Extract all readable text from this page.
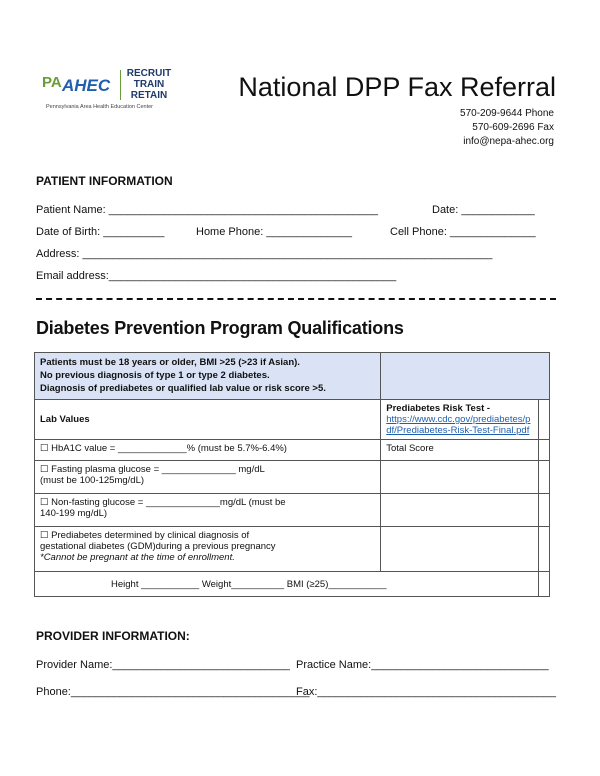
PA AHEC
RECRUIT
TRAIN
RETAIN
Pennsylvania Area Health Education Center
National DPP Fax Referral
570-209-9644 Phone
570-609-2696 Fax
info@nepa-ahec.org
PATIENT INFORMATION
Patient Name: ____________________________________________	Date: ____________
Date of Birth: __________	Home Phone: ______________	Cell Phone: ______________
Address: ___________________________________________________________________
Email address:_______________________________________________
Diabetes Prevention Program Qualifications
Patients must be 18 years or older, BMI >25 (>23 if Asian).
No previous diagnosis of type 1 or type 2 diabetes.
Diagnosis of prediabetes or qualified lab value or risk score >5.		

Lab Values	Prediabetes Risk Test -
https://www.cdc.gov/prediabetes/pdf/Prediabetes-Risk-Test-Final.pdf	

☐ HbA1C value = _____________% (must be 5.7%-6.4%)	Total Score	

☐ Fasting plasma glucose = ______________ mg/dL
(must be 100-125mg/dL)		

☐ Non-fasting glucose = ______________mg/dL (must be
140-199 mg/dL)		

☐ Prediabetes determined by clinical diagnosis of
gestational diabetes (GDM)during a previous pregnancy
*Cannot be pregnant at the time of enrollment.		

Height ___________ Weight__________ BMI (≥25)___________		
PROVIDER INFORMATION:
Provider Name:_____________________________ Practice Name:_____________________________
Phone:_______________________________________
Fax:_______________________________________
